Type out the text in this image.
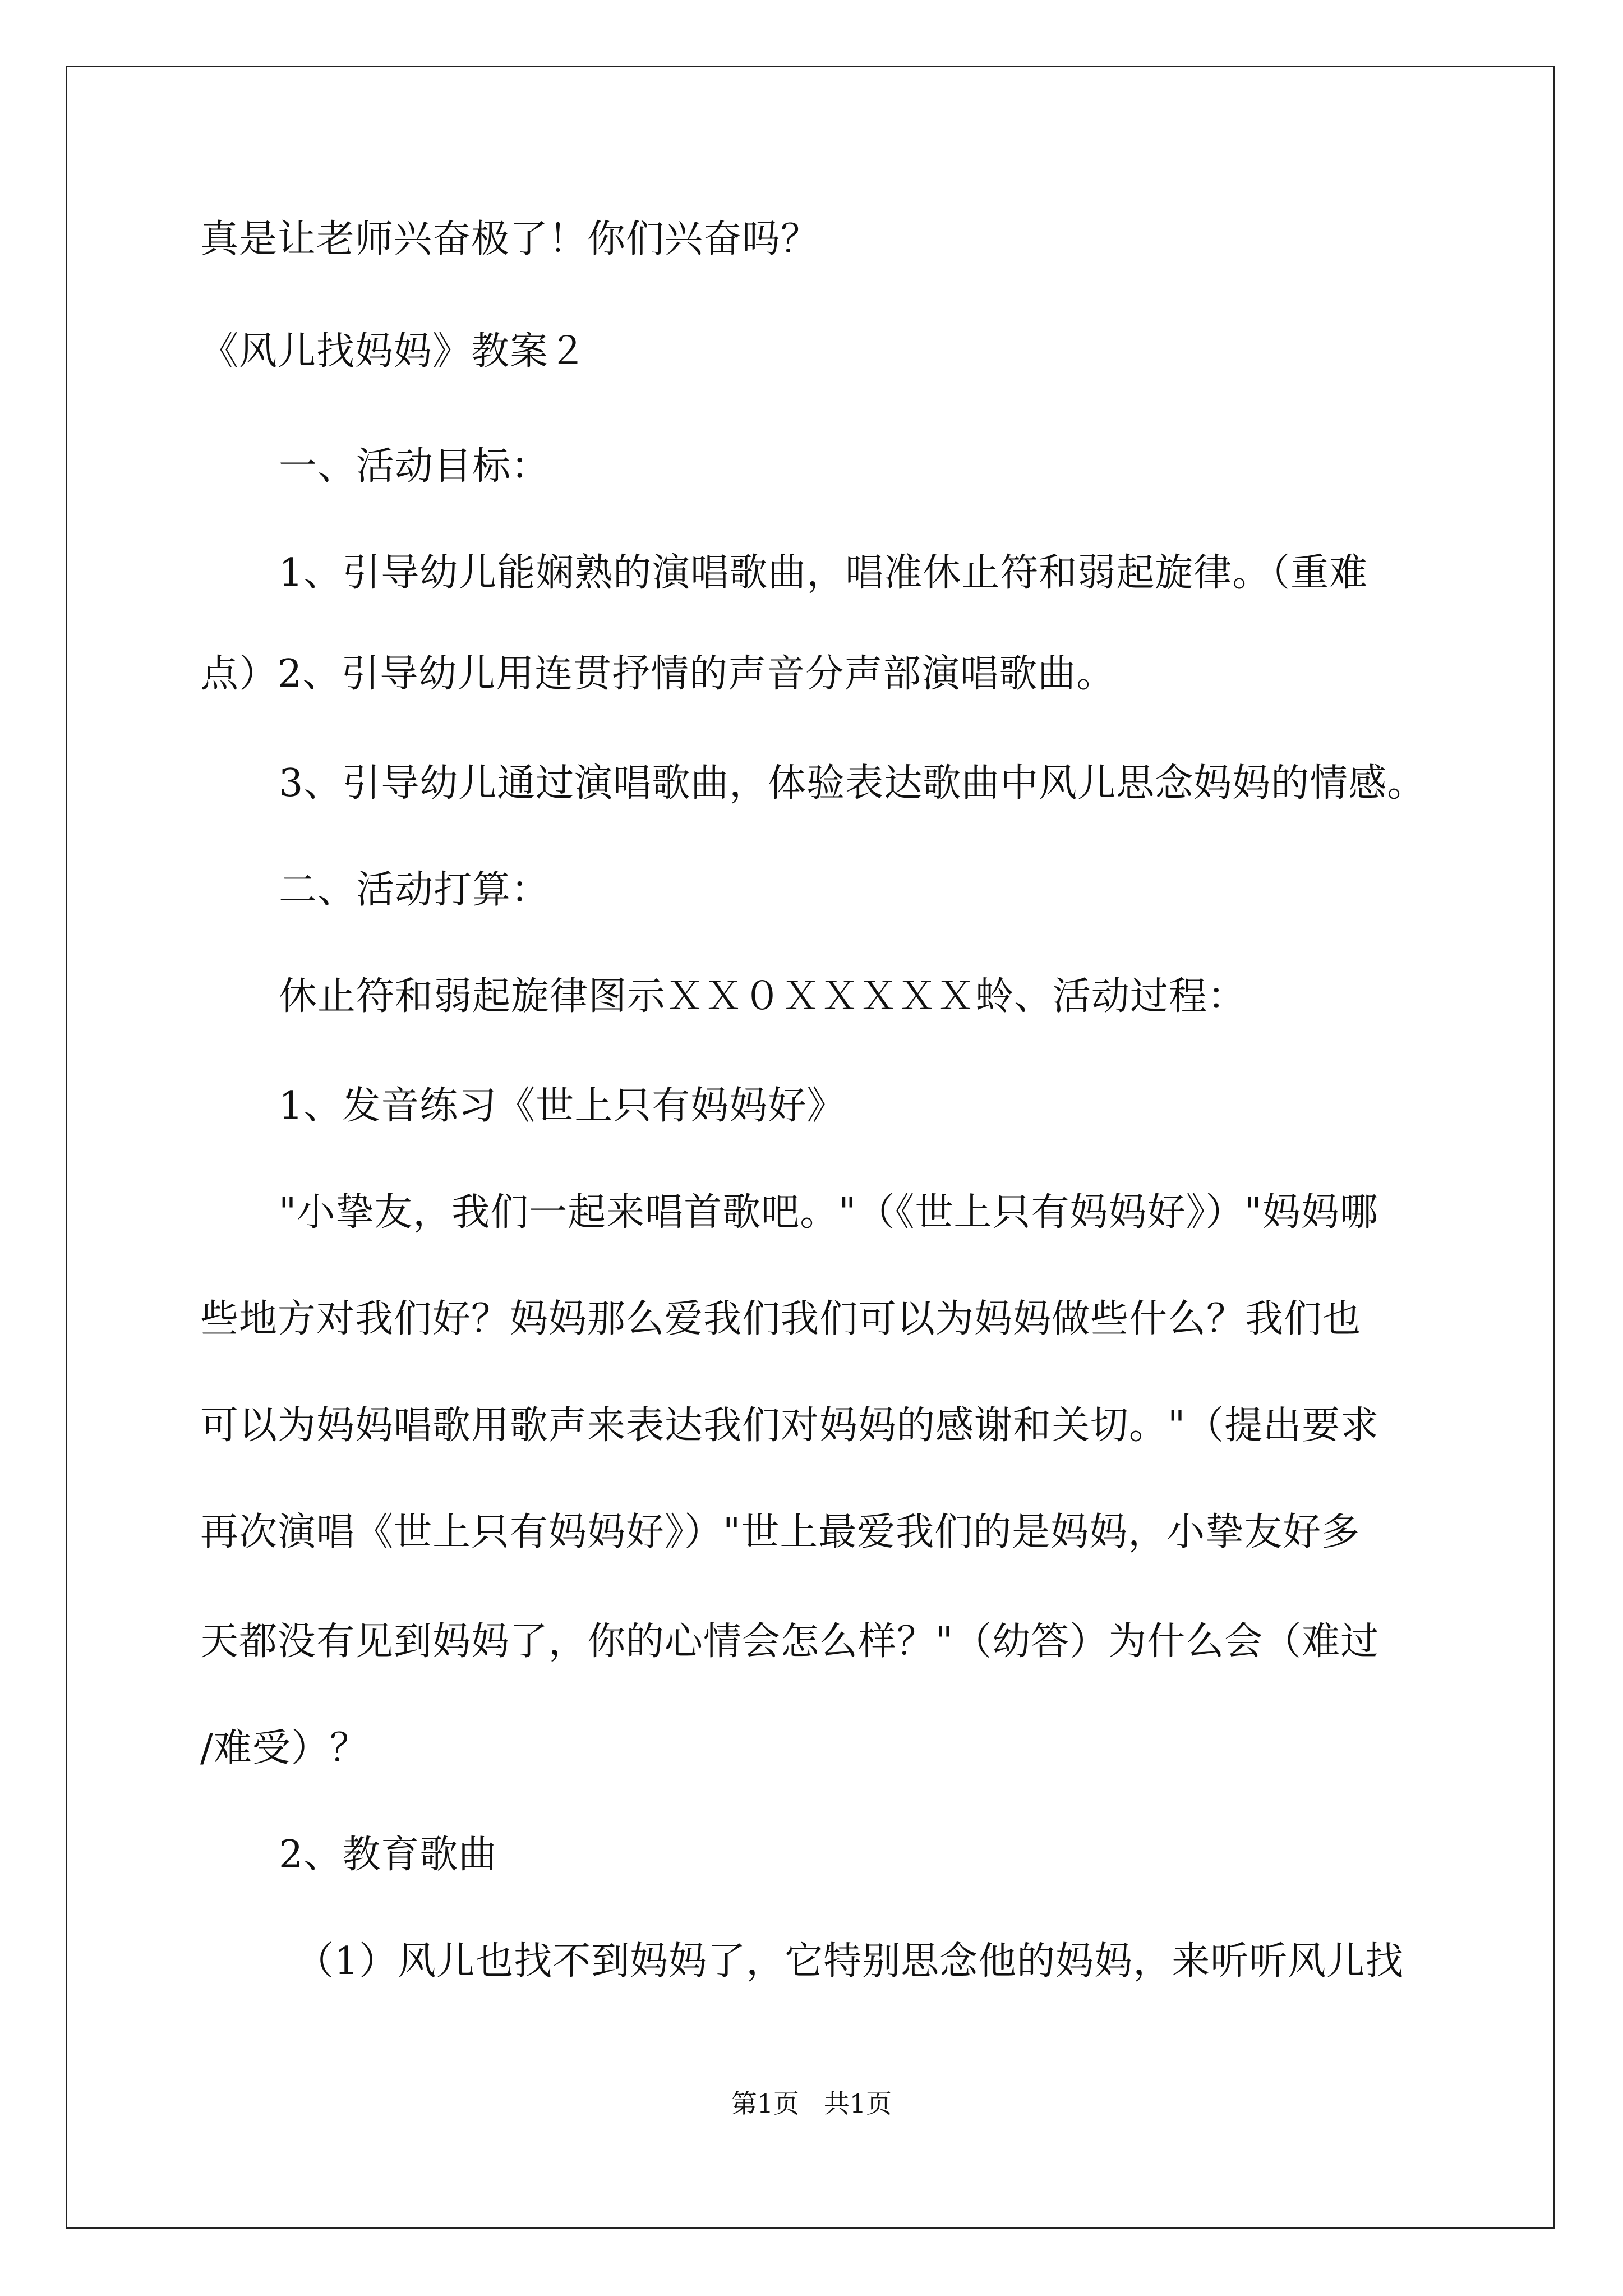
真是让老师兴奋极了！你们兴奋吗？
《风儿找妈妈》教案２
一、活动目标：
1、引导幼儿能娴熟的演唱歌曲，唱准休止符和弱起旋律。（重难
点）2、引导幼儿用连贯抒情的声音分声部演唱歌曲。
3、引导幼儿通过演唱歌曲，体验表达歌曲中风儿思念妈妈的情感。
二、活动打算：
休止符和弱起旋律图示ＸＸ０ＸＸＸＸＸ蛉、活动过程：
1、发音练习《世上只有妈妈好》
"小挚友，我们一起来唱首歌吧。"（《世上只有妈妈好》）"妈妈哪
些地方对我们好？妈妈那么爱我们我们可以为妈妈做些什么？我们也
可以为妈妈唱歌用歌声来表达我们对妈妈的感谢和关切。"（提出要求
再次演唱《世上只有妈妈好》）"世上最爱我们的是妈妈，小挚友好多
天都没有见到妈妈了，你的心情会怎么样？"（幼答）为什么会（难过
/难受）？
2、教育歌曲
（1）风儿也找不到妈妈了，它特别思念他的妈妈，来听听风儿找
第1页   共1页
